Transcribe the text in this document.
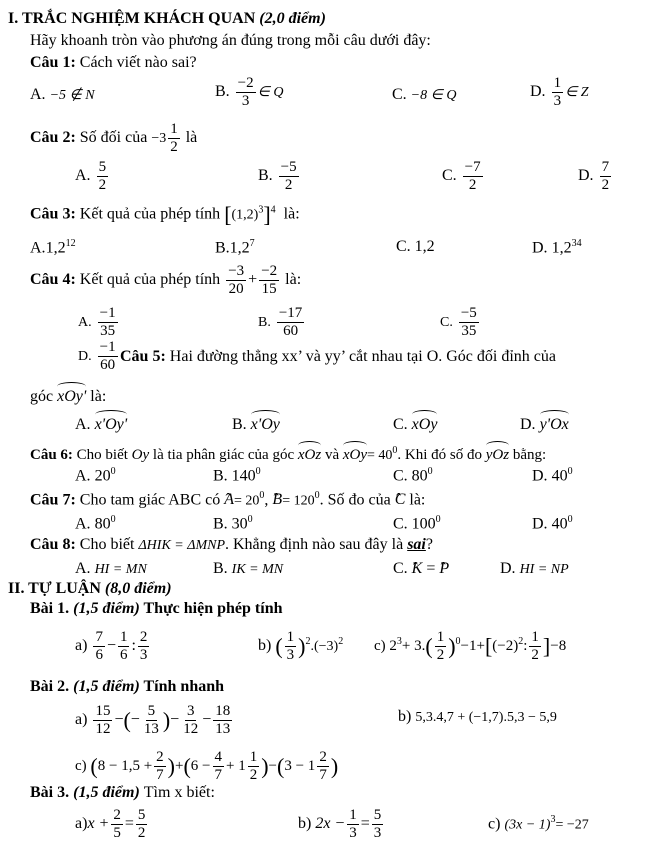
I. TRẮC NGHIỆM KHÁCH QUAN (2,0 điểm)
Hãy khoanh tròn vào phương án đúng trong mỗi câu dưới đây:
Câu 1: Cách viết nào sai?
A. −5 ∉ N	B. $\frac{-2}{3}$ ∈ Q	C. −8 ∈ Q	D. $\frac{1}{3}$ ∈ Z
Câu 2: Số đối của $-3 \frac{1}{2}$ là
A. $\frac{5}{2}$	B. $\frac{-5}{2}$	C. $\frac{-7}{2}$	D. $\frac{7}{2}$
Câu 3: Kết quả của phép tính $[(1,2)^3]^4$ là:
A.1,2$^{12}$	B.1,2$^7$	C. 1,2	D. $1,2^{34}$
Câu 4: Kết quả của phép tính $\frac{-3}{20} + \frac{-2}{15}$ là:
A. $\frac{-1}{35}$	B. $\frac{-17}{60}$	C. $\frac{-5}{35}$
D. $\frac{-1}{60}$ Câu 5: Hai đường thẳng xx’ và yy’ cắt nhau tại O. Góc đối đỉnh của
góc xOy' là:
A. x'Oy'	B. x'Oy	C. xOy	D. y'Ox
Câu 6: Cho biết Oy là tia phân giác của góc xOz và $xOy= 40^0$. Khi đó số đo yOz bằng:
A. $20^0$	B. $140^0$	C. $80^0$	D. $40^0$
Câu 7: Cho tam giác ABC có $A= 20^0$, $B= 120^0$. Số đo của C là:
A. $80^0$	B. $30^0$	C. $100^0$	D. $40^0$
Câu 8: Cho biết ΔHIK = ΔMNP. Khẳng định nào sau đây là sai?
A. HI = MN	B. IK = MN	C. K = P	D. HI = NP
II. TỰ LUẬN (8,0 điểm)
Bài 1. (1,5 điểm) Thực hiện phép tính
$a) \frac{7}{6} - \frac{1}{6}$ : $\frac{2}{3}$	b) ( $\frac{1}{3} )^2.(-3)^2$ c) $2^3+ 3.( \frac{1}{2} )^0-1+[(-2)^2$: $\frac{1}{2} ]-8$
Bài 2. (1,5 điểm) Tính nhanh
$a) \frac{15}{12}$ −(− $\frac{5}{13}$ )− $\frac{3}{12} - \frac{18}{13}$	b) 5,3.4,7 + (−1,7).5,3 − 5,9
c) $(8 - 1,5 + \frac{2}{7} )+(6 - \frac{4}{7} + 1 \frac{1}{2} )-(3 - 1 \frac{2}{7}$ )
Bài 3. (1,5 điểm) Tìm x biết:
$a)x + \frac{2}{5} = \frac{5}{2}$	b) $2x - \frac{1}{3} = \frac{5}{3}$	c) $(3x - 1)^3= -27$
